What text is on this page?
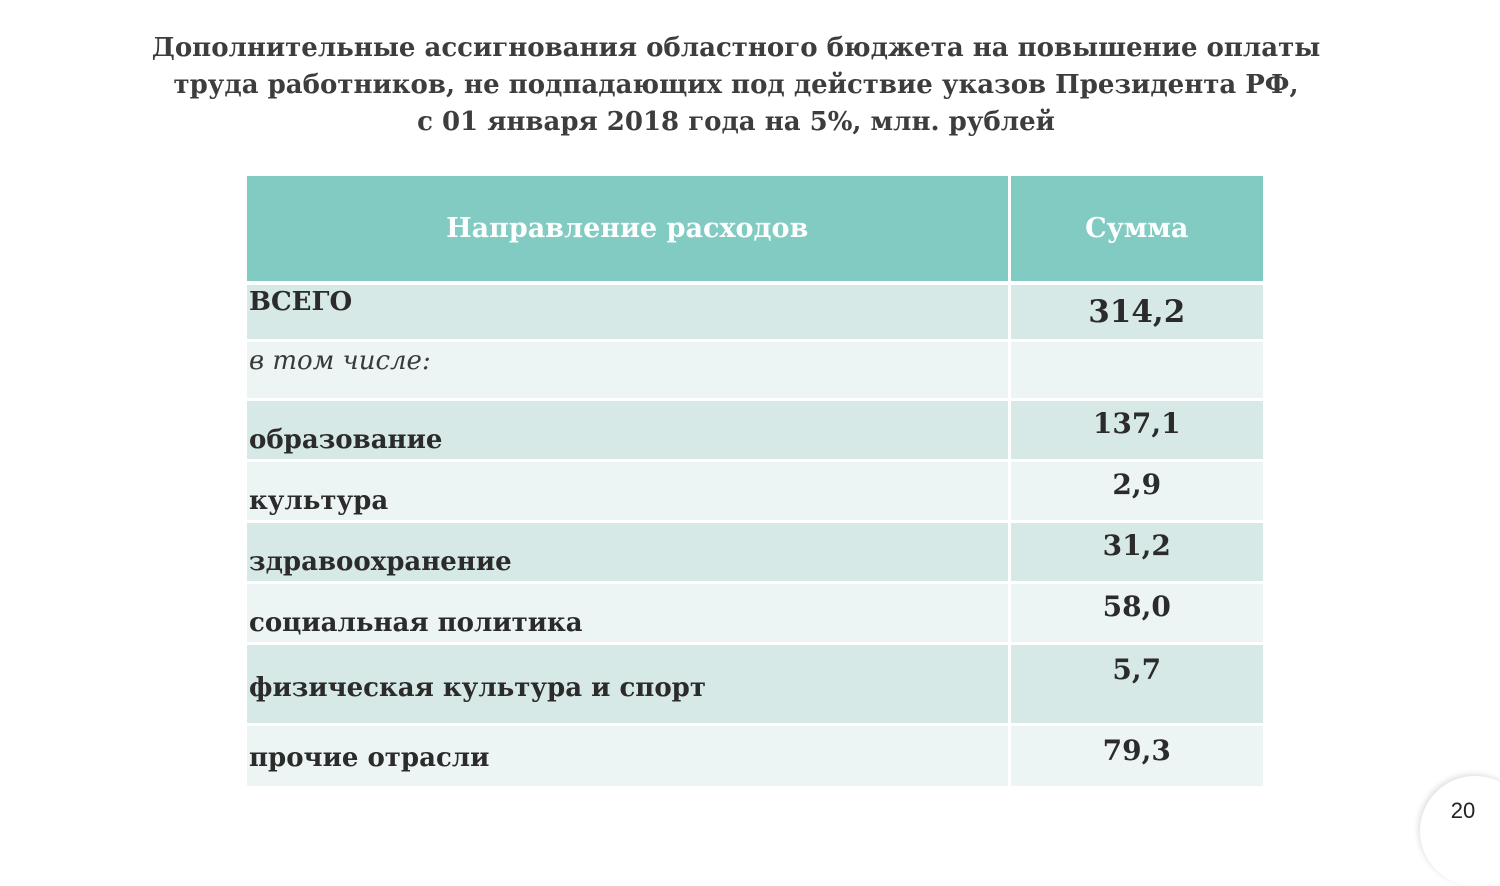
Дополнительные ассигнования областного бюджета на повышение оплаты
труда работников, не подпадающих под действие указов Президента РФ,
с 01 января 2018 года на 5%, млн. рублей
Направление расходов	Сумма
ВСЕГО	314,2
в том числе:	
образование	137,1
культура	2,9
здравоохранение	31,2
социальная политика	58,0
физическая культура и спорт	5,7
прочие отрасли	79,3
20
